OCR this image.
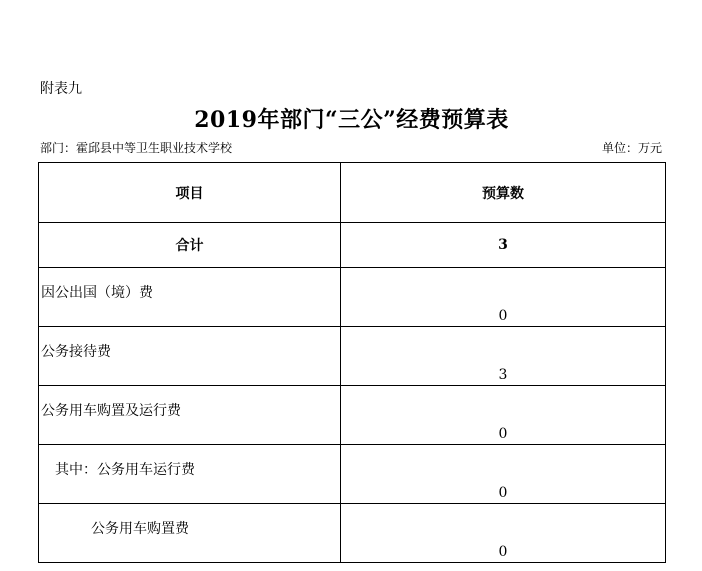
附表九
2019年部门“三公”经费预算表
部门：霍邱县中等卫生职业技术学校	单位：万元
项目	预算数
合计	3
因公出国（境）费	0
公务接待费	3
公务用车购置及运行费	0
其中：公务用车运行费	0
公务用车购置费	0
